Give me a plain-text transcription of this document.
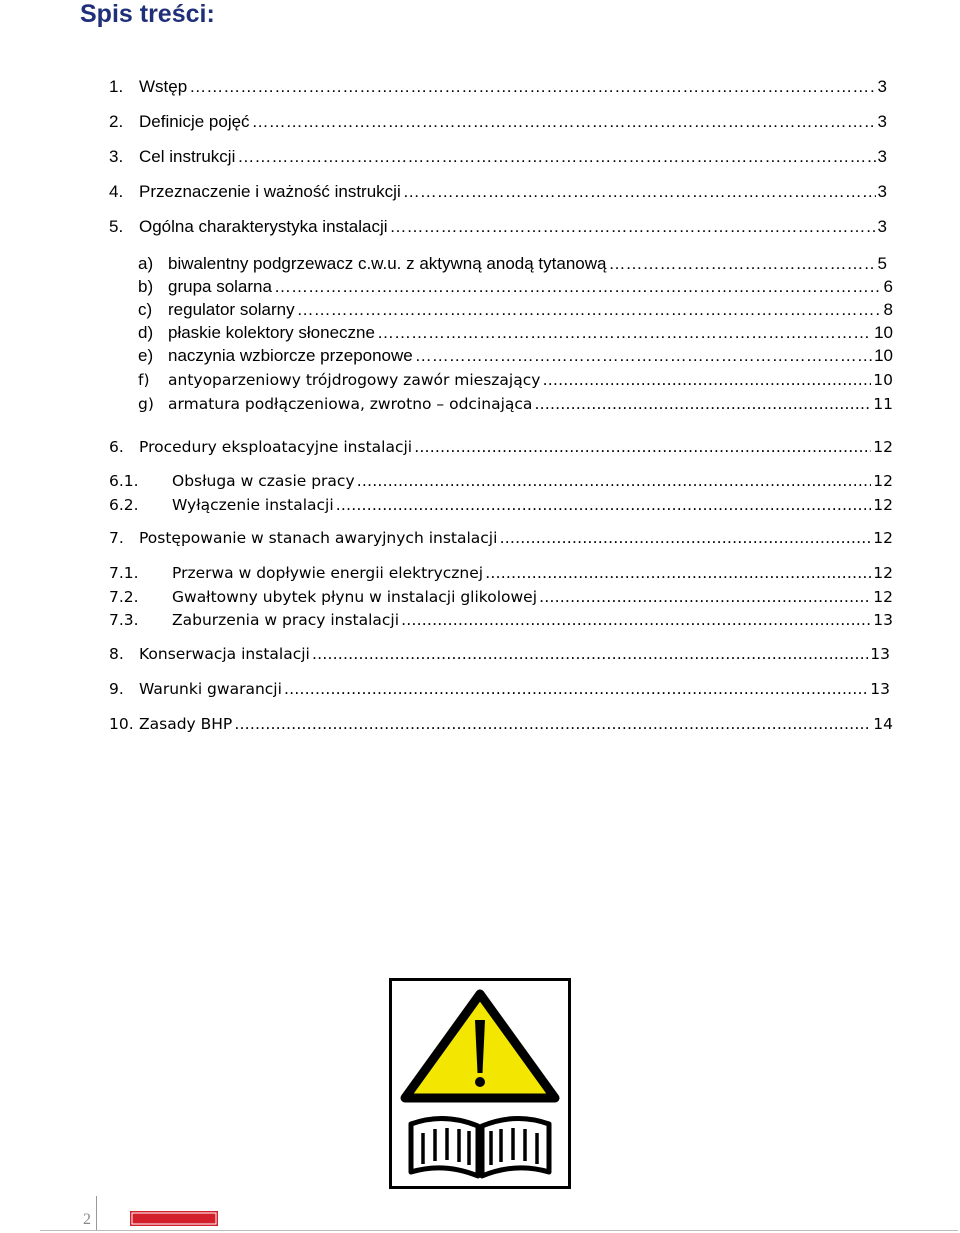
Spis treści:
1. Wstęp …………………………………………………………………………………………………………………………………………………………………………………………………………………………	3
2. Definicje pojęć …………………………………………………………………………………………………………………………………………………………………………………………………………………………	3
3. Cel instrukcji …………………………………………………………………………………………………………………………………………………………………………………………………………………………	3
4. Przeznaczenie i ważność instrukcji …………………………………………………………………………………………………………………………………………………………………………………………………………………………	3
5. Ogólna charakterystyka instalacji …………………………………………………………………………………………………………………………………………………………………………………………………………………………	3
a) biwalentny podgrzewacz c.w.u. z aktywną anodą tytanową …………………………………………………………………………………………………………………………………………………………………………………………………………………………	5
b) grupa solarna …………………………………………………………………………………………………………………………………………………………………………………………………………………………	6
c) regulator solarny …………………………………………………………………………………………………………………………………………………………………………………………………………………………	8
d) płaskie kolektory słoneczne …………………………………………………………………………………………………………………………………………………………………………………………………………………………	10
e) naczynia wzbiorcze przeponowe …………………………………………………………………………………………………………………………………………………………………………………………………………………………	10
f)	antyoparzeniowy trójdrogowy zawór mieszający …………………………………………………………………………………………………………………………………………………………………………………………………………………………	10
g) armatura podłączeniowa, zwrotno – odcinająca …………………………………………………………………………………………………………………………………………………………………………………………………………………………	11
6. Procedury eksploatacyjne instalacji …………………………………………………………………………………………………………………………………………………………………………………………………………………………	12
6.1.	Obsługa w czasie pracy …………………………………………………………………………………………………………………………………………………………………………………………………………………………	12
6.2.	Wyłączenie instalacji …………………………………………………………………………………………………………………………………………………………………………………………………………………………	12
7. Postępowanie w stanach awaryjnych instalacji …………………………………………………………………………………………………………………………………………………………………………………………………………………………	12
7.1.	Przerwa w dopływie energii elektrycznej …………………………………………………………………………………………………………………………………………………………………………………………………………………………	12
7.2.	Gwałtowny ubytek płynu w instalacji glikolowej …………………………………………………………………………………………………………………………………………………………………………………………………………………………	12
7.3.	Zaburzenia w pracy instalacji …………………………………………………………………………………………………………………………………………………………………………………………………………………………	13
8. Konserwacja instalacji …………………………………………………………………………………………………………………………………………………………………………………………………………………………	13
9. Warunki gwarancji …………………………………………………………………………………………………………………………………………………………………………………………………………………………	13
10. Zasady BHP …………………………………………………………………………………………………………………………………………………………………………………………………………………………	14
2
